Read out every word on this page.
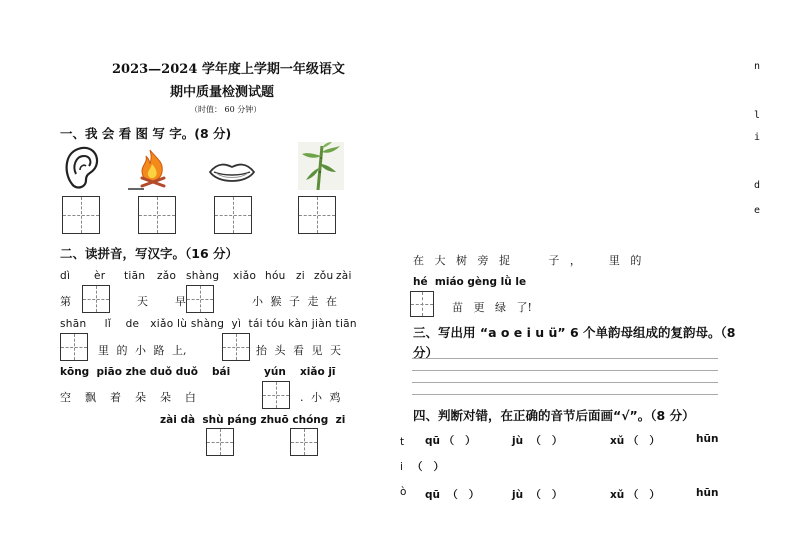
2023—2024 学年度上学期一年级语文
期中质量检测试题
（时值： 60 分钟）
n
l
i
d
e
一、我 会 看 图 写 字。(8 分)
二、读拼音，写汉字。（16 分）
dì èr tiān zǎo shàng xiǎo hóu zi zǒu zài
第	天 早	小 猴 子 走 在
shān     lǐ    de   xiǎo lù shàng  yì  tái tóu kàn jiàn tiān
里 的 小 路 上,	抬 头 看 见 天
kōng  piāo zhe duǒ duǒ bái	yún xiǎo jī
空    飘    着    朵    朵    白	. 小 鸡
zài dà  shù páng zhuō chóng  zi
在   大   树   旁   捉           子   ，        里   的
hé  miáo gèng lǜ le
苗   更   绿   了!
三、写出用 “a o e i u ü” 6 个单韵母组成的复韵母。（8
分）
四、判断对错，在正确的音节后面画“√”。（8 分）
t qū （   ）	jù  （   ）	xǔ （   ）	hūn
i （   ）
ò qū  （   ）	jù  （   ）	xǔ （   ）	hūn
